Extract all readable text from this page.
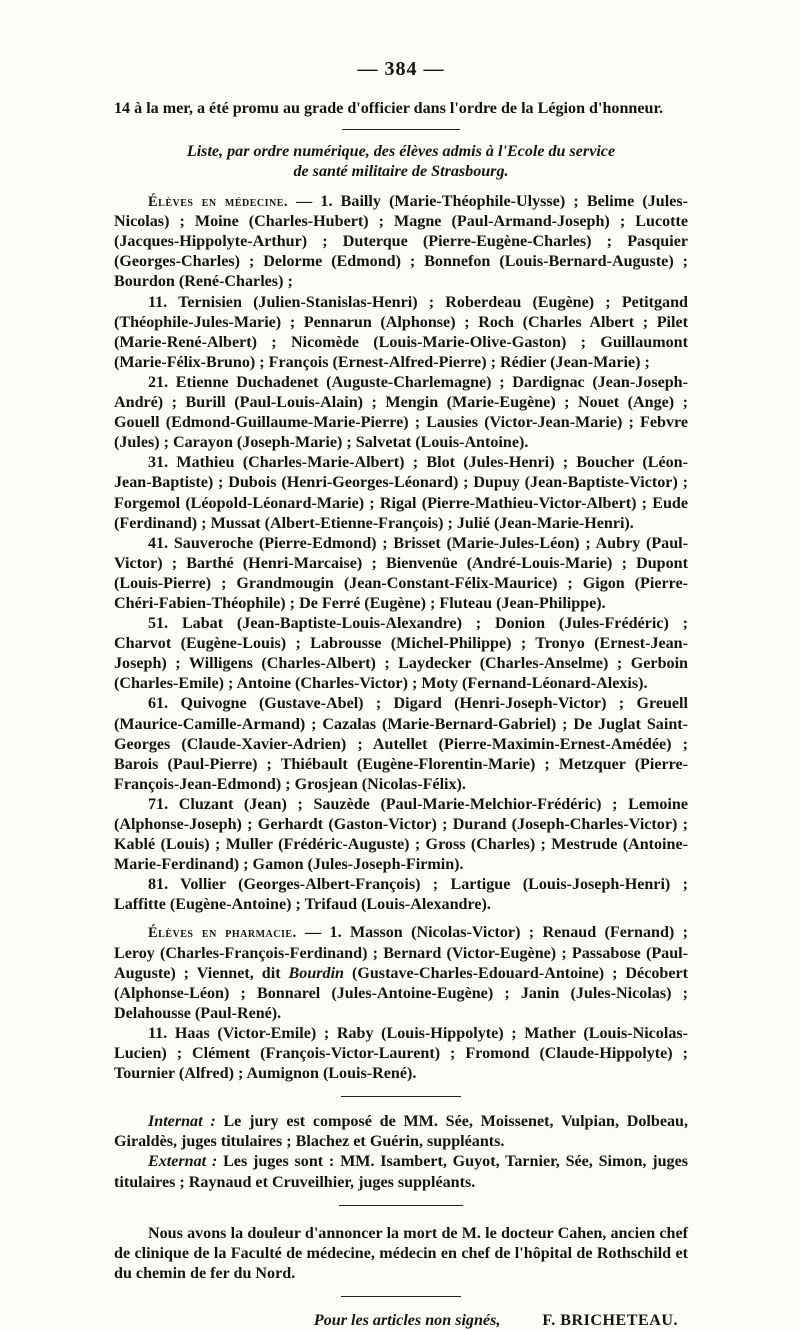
— 384 —

14 à la mer, a été promu au grade d'officier dans l'ordre de la Légion d'honneur.

Liste, par ordre numérique, des élèves admis à l'Ecole du service
de santé militaire de Strasbourg.

Élèves en médecine. — 1. Bailly (Marie-Théophile-Ulysse) ; Belime (Jules-Nicolas) ; Moine (Charles-Hubert) ; Magne (Paul-Armand-Joseph) ; Lucotte (Jacques-Hippolyte-Arthur) ; Duterque (Pierre-Eugène-Charles) ; Pasquier (Georges-Charles) ; Delorme (Edmond) ; Bonnefon (Louis-Bernard-Auguste) ; Bourdon (René-Charles) ;

11. Ternisien (Julien-Stanislas-Henri) ; Roberdeau (Eugène) ; Petitgand (Théophile-Jules-Marie) ; Pennarun (Alphonse) ; Roch (Charles Albert ; Pilet (Marie-René-Albert) ; Nicomède (Louis-Marie-Olive-Gaston) ; Guillaumont (Marie-Félix-Bruno) ; François (Ernest-Alfred-Pierre) ; Rédier (Jean-Marie) ;

21. Etienne Duchadenet (Auguste-Charlemagne) ; Dardignac (Jean-Joseph-André) ; Burill (Paul-Louis-Alain) ; Mengin (Marie-Eugène) ; Nouet (Ange) ; Gouell (Edmond-Guillaume-Marie-Pierre) ; Lausies (Victor-Jean-Marie) ; Febvre (Jules) ; Carayon (Joseph-Marie) ; Salvetat (Louis-Antoine).

31. Mathieu (Charles-Marie-Albert) ; Blot (Jules-Henri) ; Boucher (Léon-Jean-Baptiste) ; Dubois (Henri-Georges-Léonard) ; Dupuy (Jean-Baptiste-Victor) ; Forgemol (Léopold-Léonard-Marie) ; Rigal (Pierre-Mathieu-Victor-Albert) ; Eude (Ferdinand) ; Mussat (Albert-Etienne-François) ; Julié (Jean-Marie-Henri).

41. Sauveroche (Pierre-Edmond) ; Brisset (Marie-Jules-Léon) ; Aubry (Paul-Victor) ; Barthé (Henri-Marcaise) ; Bienvenüe (André-Louis-Marie) ; Dupont (Louis-Pierre) ; Grandmougin (Jean-Constant-Félix-Maurice) ; Gigon (Pierre-Chéri-Fabien-Théophile) ; De Ferré (Eugène) ; Fluteau (Jean-Philippe).

51. Labat (Jean-Baptiste-Louis-Alexandre) ; Donion (Jules-Frédéric) ; Charvot (Eugène-Louis) ; Labrousse (Michel-Philippe) ; Tronyo (Ernest-Jean-Joseph) ; Willigens (Charles-Albert) ; Laydecker (Charles-Anselme) ; Gerboin (Charles-Emile) ; Antoine (Charles-Victor) ; Moty (Fernand-Léonard-Alexis).

61. Quivogne (Gustave-Abel) ; Digard (Henri-Joseph-Victor) ; Greuell (Maurice-Camille-Armand) ; Cazalas (Marie-Bernard-Gabriel) ; De Juglat Saint-Georges (Claude-Xavier-Adrien) ; Autellet (Pierre-Maximin-Ernest-Amédée) ; Barois (Paul-Pierre) ; Thiébault (Eugène-Florentin-Marie) ; Metzquer (Pierre-François-Jean-Edmond) ; Grosjean (Nicolas-Félix).

71. Cluzant (Jean) ; Sauzède (Paul-Marie-Melchior-Frédéric) ; Lemoine (Alphonse-Joseph) ; Gerhardt (Gaston-Victor) ; Durand (Joseph-Charles-Victor) ; Kablé (Louis) ; Muller (Frédéric-Auguste) ; Gross (Charles) ; Mestrude (Antoine-Marie-Ferdinand) ; Gamon (Jules-Joseph-Firmin).

81. Vollier (Georges-Albert-François) ; Lartigue (Louis-Joseph-Henri) ; Laffitte (Eugène-Antoine) ; Trifaud (Louis-Alexandre).

Élèves en pharmacie. — 1. Masson (Nicolas-Victor) ; Renaud (Fernand) ; Leroy (Charles-François-Ferdinand) ; Bernard (Victor-Eugène) ; Passabose (Paul-Auguste) ; Viennet, dit Bourdin (Gustave-Charles-Edouard-Antoine) ; Décobert (Alphonse-Léon) ; Bonnarel (Jules-Antoine-Eugène) ; Janin (Jules-Nicolas) ; Delahousse (Paul-René).

11. Haas (Victor-Emile) ; Raby (Louis-Hippolyte) ; Mather (Louis-Nicolas-Lucien) ; Clément (François-Victor-Laurent) ; Fromond (Claude-Hippolyte) ; Tournier (Alfred) ; Aumignon (Louis-René).

Internat : Le jury est composé de MM. Sée, Moissenet, Vulpian, Dolbeau, Giraldès, juges titulaires ; Blachez et Guérin, suppléants.

Externat : Les juges sont : MM. Isambert, Guyot, Tarnier, Sée, Simon, juges titulaires ; Raynaud et Cruveilhier, juges suppléants.

Nous avons la douleur d'annoncer la mort de M. le docteur Cahen, ancien chef de clinique de la Faculté de médecine, médecin en chef de l'hôpital de Rothschild et du chemin de fer du Nord.

Pour les articles non signés,	F. BRICHETEAU.
